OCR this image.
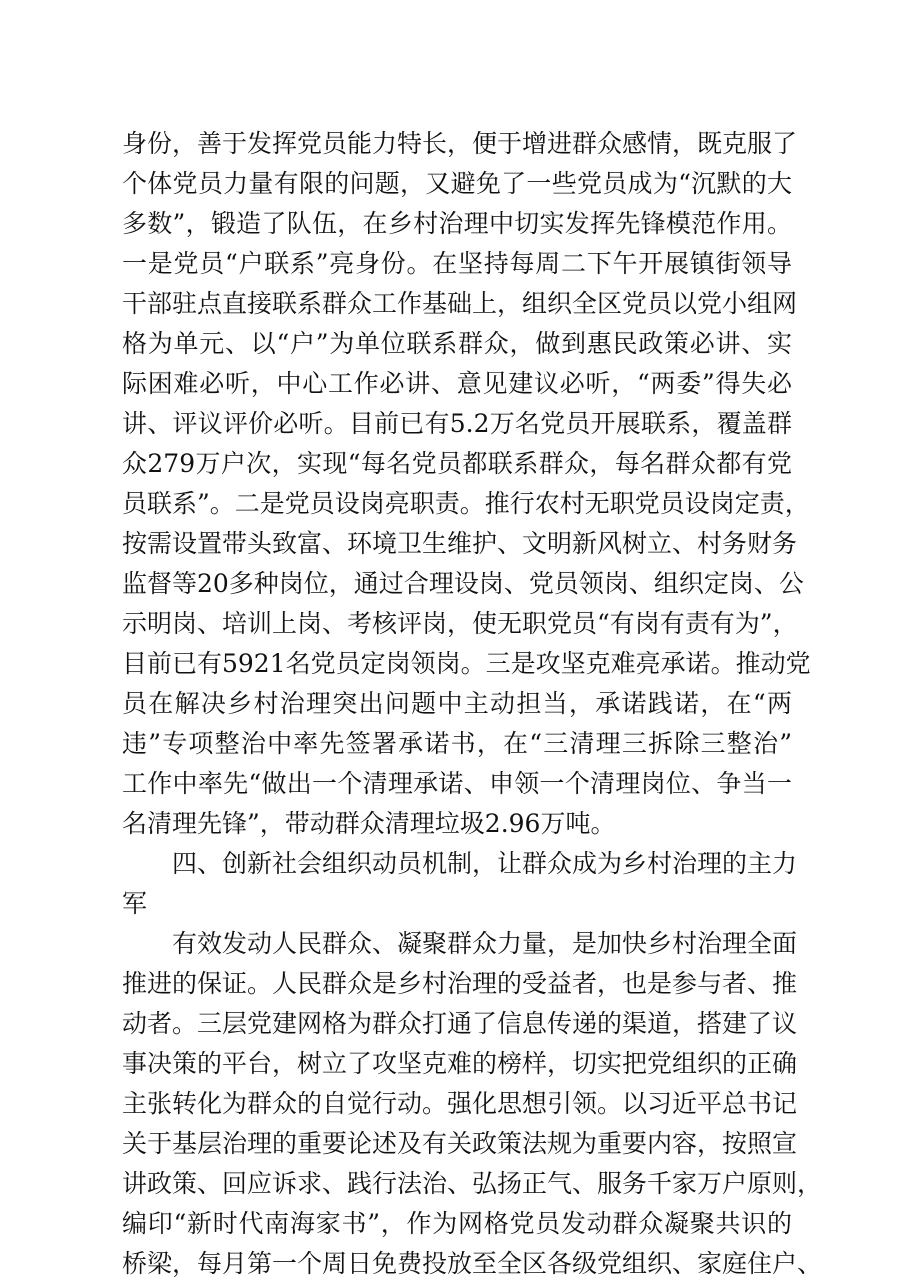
身份，善于发挥党员能力特长，便于增进群众感情，既克服了
个体党员力量有限的问题，又避免了一些党员成为“沉默的大
多数”，锻造了队伍，在乡村治理中切实发挥先锋模范作用。
一是党员“户联系”亮身份。在坚持每周二下午开展镇街领导
干部驻点直接联系群众工作基础上，组织全区党员以党小组网
格为单元、以“户”为单位联系群众，做到惠民政策必讲、实
际困难必听，中心工作必讲、意见建议必听，“两委”得失必
讲、评议评价必听。目前已有5.2万名党员开展联系，覆盖群
众279万户次，实现“每名党员都联系群众，每名群众都有党
员联系”。二是党员设岗亮职责。推行农村无职党员设岗定责，
按需设置带头致富、环境卫生维护、文明新风树立、村务财务
监督等20多种岗位，通过合理设岗、党员领岗、组织定岗、公
示明岗、培训上岗、考核评岗，使无职党员“有岗有责有为”，
目前已有5921名党员定岗领岗。三是攻坚克难亮承诺。推动党
员在解决乡村治理突出问题中主动担当，承诺践诺，在“两
违”专项整治中率先签署承诺书，在“三清理三拆除三整治”
工作中率先“做出一个清理承诺、申领一个清理岗位、争当一
名清理先锋”，带动群众清理垃圾2.96万吨。
四、创新社会组织动员机制，让群众成为乡村治理的主力
军
有效发动人民群众、凝聚群众力量，是加快乡村治理全面
推进的保证。人民群众是乡村治理的受益者，也是参与者、推
动者。三层党建网格为群众打通了信息传递的渠道，搭建了议
事决策的平台，树立了攻坚克难的榜样，切实把党组织的正确
主张转化为群众的自觉行动。强化思想引领。以习近平总书记
关于基层治理的重要论述及有关政策法规为重要内容，按照宣
讲政策、回应诉求、践行法治、弘扬正气、服务千家万户原则，
编印“新时代南海家书”，作为网格党员发动群众凝聚共识的
桥梁，每月第一个周日免费投放至全区各级党组织、家庭住户、
